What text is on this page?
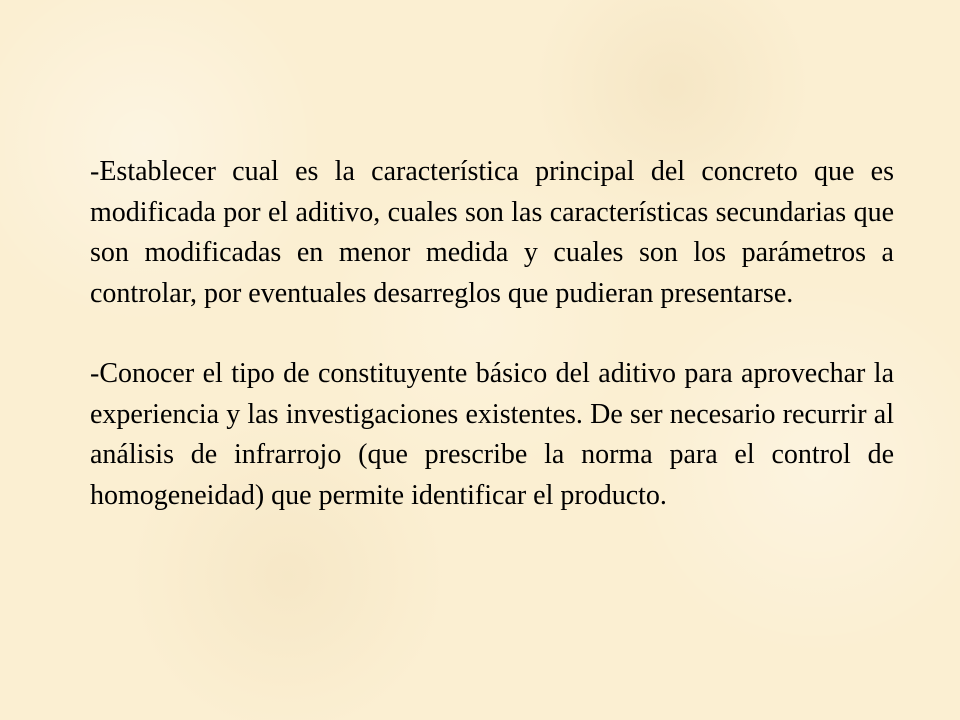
-Establecer cual es la característica principal del concreto que es modificada por el aditivo, cuales son las características secundarias que son modificadas en menor medida y cuales son los parámetros a controlar, por eventuales desarreglos que pudieran presentarse.

-Conocer el tipo de constituyente básico del aditivo para aprovechar la experiencia y las investigaciones existentes. De ser necesario recurrir al análisis de infrarrojo (que prescribe la norma para el control de homogeneidad) que permite identificar el producto.
